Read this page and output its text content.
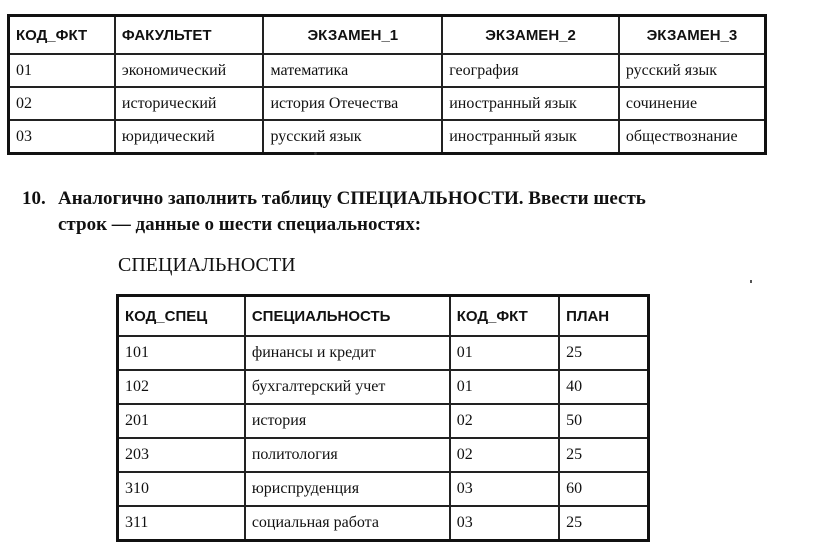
КОД_ФКТ	ФАКУЛЬТЕТ	ЭКЗАМЕН_1	ЭКЗАМЕН_2	ЭКЗАМЕН_3
01	экономический	математика	география	русский язык
02	исторический	история Отечества	иностранный язык	сочинение
03	юридический	русский язык	иностранный язык	обществознание
10. Аналогично заполнить таблицу СПЕЦИАЛЬНОСТИ. Ввести шесть
строк — данные о шести специальностях:
СПЕЦИАЛЬНОСТИ
КОД_СПЕЦ	СПЕЦИАЛЬНОСТЬ	КОД_ФКТ	ПЛАН
101	финансы и кредит	01	25
102	бухгалтерский учет	01	40
201	история	02	50
203	политология	02	25
310	юриспруденция	03	60
311	социальная работа	03	25
